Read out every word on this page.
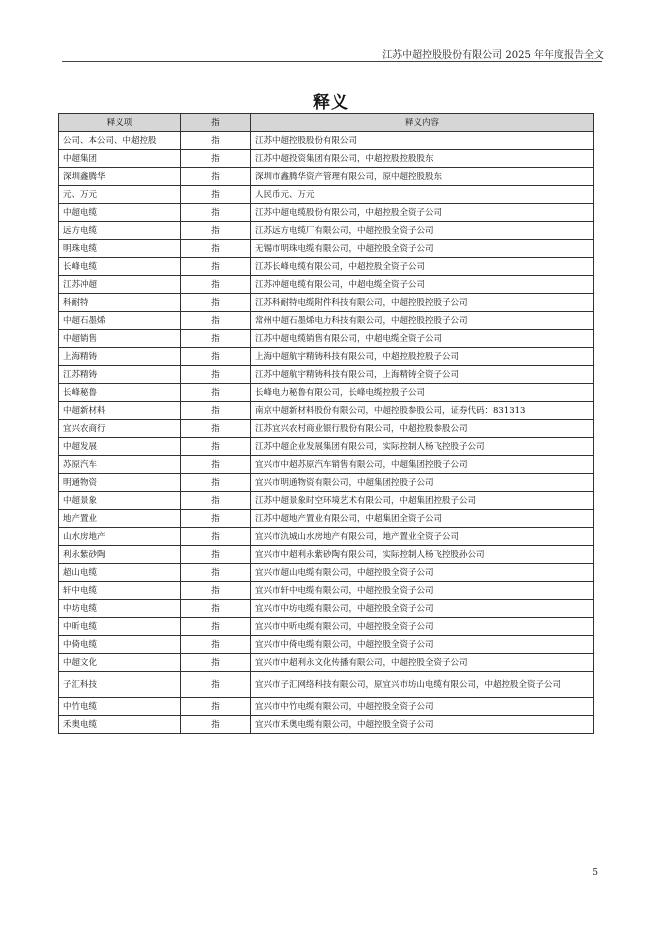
江苏中超控股股份有限公司 2025 年年度报告全文
释义
释义项	指	释义内容
公司、本公司、中超控股	指	江苏中超控股股份有限公司
中超集团	指	江苏中超投资集团有限公司，中超控股控股股东
深圳鑫腾华	指	深圳市鑫腾华资产管理有限公司，原中超控股股东
元、万元	指	人民币元、万元
中超电缆	指	江苏中超电缆股份有限公司，中超控股全资子公司
远方电缆	指	江苏远方电缆厂有限公司，中超控股全资子公司
明珠电缆	指	无锡市明珠电缆有限公司，中超控股全资子公司
长峰电缆	指	江苏长峰电缆有限公司，中超控股全资子公司
江苏冲超	指	江苏冲超电缆有限公司，中超电缆全资子公司
科耐特	指	江苏科耐特电缆附件科技有限公司，中超控股控股子公司
中超石墨烯	指	常州中超石墨烯电力科技有限公司，中超控股控股子公司
中超销售	指	江苏中超电缆销售有限公司，中超电缆全资子公司
上海精铸	指	上海中超航宇精铸科技有限公司，中超控股控股子公司
江苏精铸	指	江苏中超航宇精铸科技有限公司，上海精铸全资子公司
长峰秘鲁	指	长峰电力秘鲁有限公司，长峰电缆控股子公司
中超新材料	指	南京中超新材料股份有限公司，中超控股参股公司，证券代码：831313
宜兴农商行	指	江苏宜兴农村商业银行股份有限公司，中超控股参股公司
中超发展	指	江苏中超企业发展集团有限公司，实际控制人杨飞控股子公司
苏原汽车	指	宜兴市中超苏原汽车销售有限公司，中超集团控股子公司
明通物资	指	宜兴市明通物资有限公司，中超集团控股子公司
中超景象	指	江苏中超景象时空环境艺术有限公司，中超集团控股子公司
地产置业	指	江苏中超地产置业有限公司，中超集团全资子公司
山水房地产	指	宜兴市氿城山水房地产有限公司，地产置业全资子公司
利永紫砂陶	指	宜兴市中超利永紫砂陶有限公司，实际控制人杨飞控股孙公司
超山电缆	指	宜兴市超山电缆有限公司，中超控股全资子公司
轩中电缆	指	宜兴市轩中电缆有限公司，中超控股全资子公司
中坊电缆	指	宜兴市中坊电缆有限公司，中超控股全资子公司
中昕电缆	指	宜兴市中昕电缆有限公司，中超控股全资子公司
中倚电缆	指	宜兴市中倚电缆有限公司，中超控股全资子公司
中超文化	指	宜兴市中超利永文化传播有限公司，中超控股全资子公司
子汇科技	指	宜兴市子汇网络科技有限公司，原宜兴市坊山电缆有限公司，中超控股全资子公司
中竹电缆	指	宜兴市中竹电缆有限公司，中超控股全资子公司
禾奥电缆	指	宜兴市禾奥电缆有限公司，中超控股全资子公司
5
